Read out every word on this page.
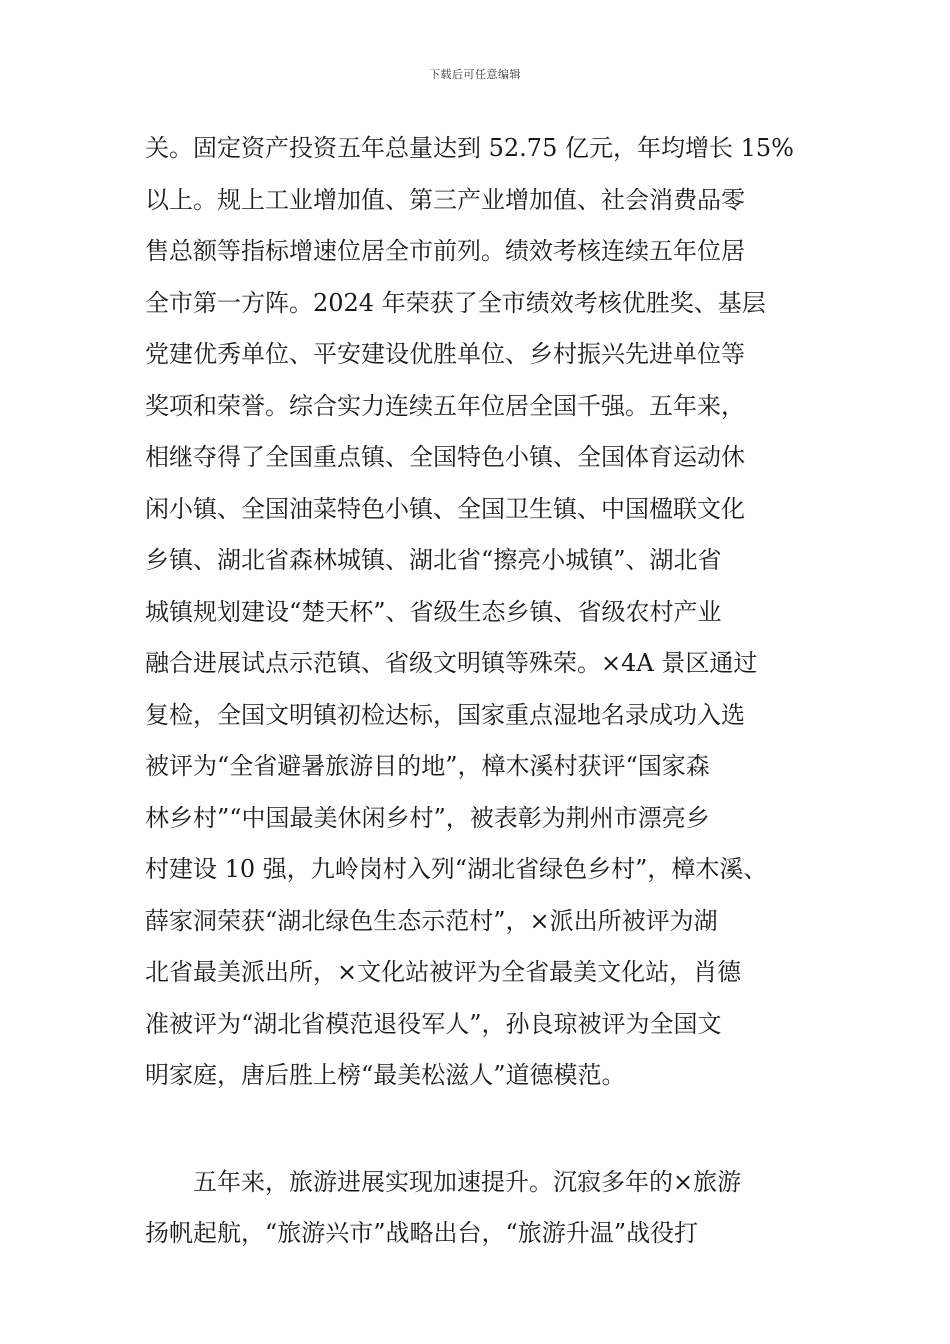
下载后可任意编辑
关。固定资产投资五年总量达到 52.75 亿元，年均增长 15%
以上。规上工业增加值、第三产业增加值、社会消费品零
售总额等指标增速位居全市前列。绩效考核连续五年位居
全市第一方阵。2024 年荣获了全市绩效考核优胜奖、基层
党建优秀单位、平安建设优胜单位、乡村振兴先进单位等
奖项和荣誉。综合实力连续五年位居全国千强。五年来，
相继夺得了全国重点镇、全国特色小镇、全国体育运动休
闲小镇、全国油菜特色小镇、全国卫生镇、中国楹联文化
乡镇、湖北省森林城镇、湖北省“擦亮小城镇”、湖北省
城镇规划建设“楚天杯”、省级生态乡镇、省级农村产业
融合进展试点示范镇、省级文明镇等殊荣。×4A 景区通过
复检，全国文明镇初检达标，国家重点湿地名录成功入选
被评为“全省避暑旅游目的地”，樟木溪村获评“国家森
林乡村”“中国最美休闲乡村”，被表彰为荆州市漂亮乡
村建设 10 强，九岭岗村入列“湖北省绿色乡村”，樟木溪、
薛家洞荣获“湖北绿色生态示范村”，×派出所被评为湖
北省最美派出所，×文化站被评为全省最美文化站，肖德
准被评为“湖北省模范退役军人”，孙良琼被评为全国文
明家庭，唐后胜上榜“最美松滋人”道德模范。
　　五年来，旅游进展实现加速提升。沉寂多年的×旅游
扬帆起航，“旅游兴市”战略出台，“旅游升温”战役打
